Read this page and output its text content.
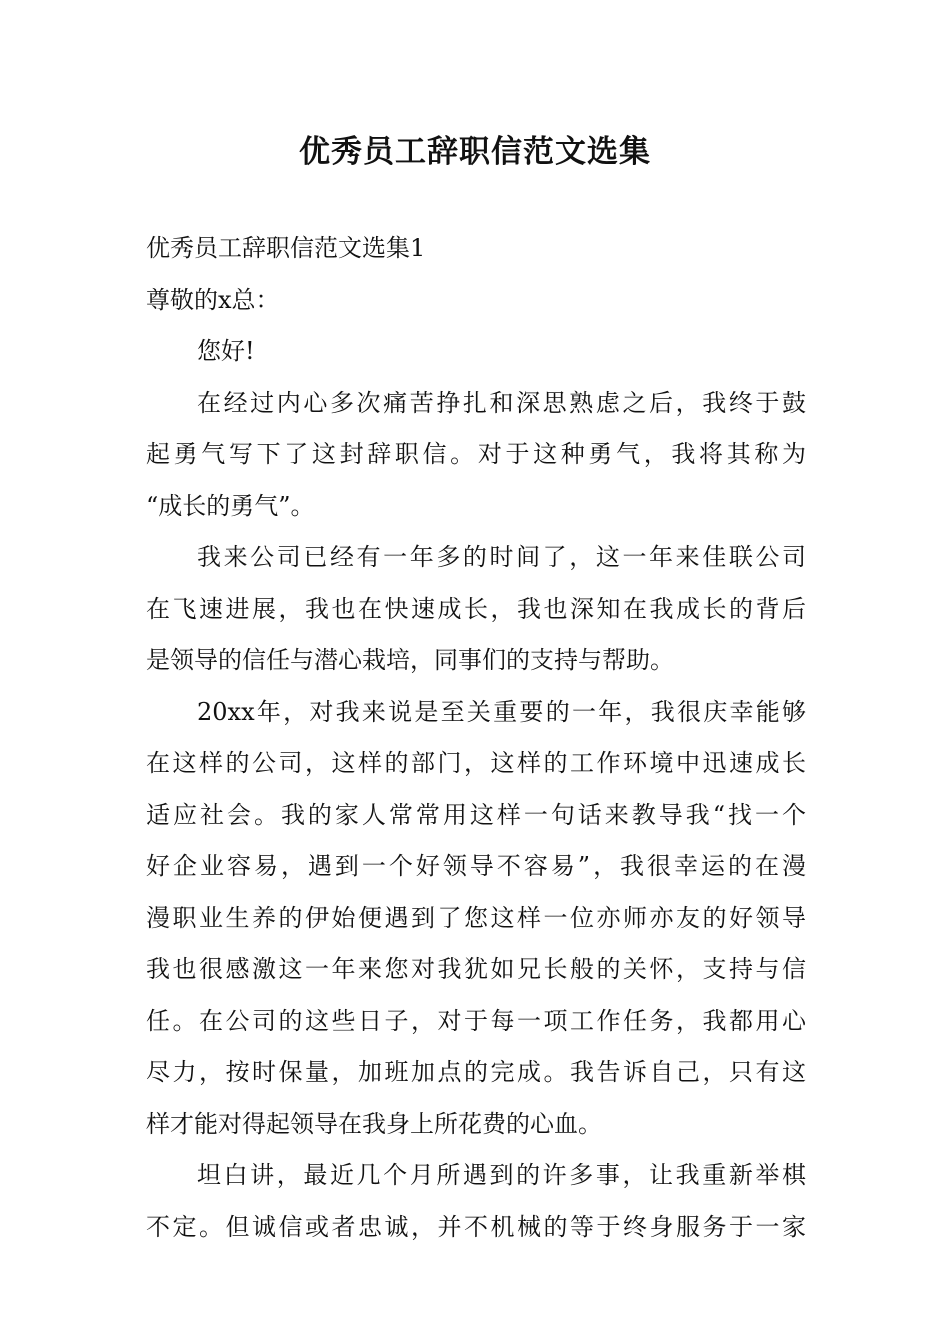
优秀员工辞职信范文选集
优秀员工辞职信范文选集1
尊敬的x总：
您好!
在经过内心多次痛苦挣扎和深思熟虑之后，我终于鼓
起勇气写下了这封辞职信。对于这种勇气，我将其称为
“成长的勇气”。
我来公司已经有一年多的时间了，这一年来佳联公司
在飞速进展，我也在快速成长，我也深知在我成长的背后
是领导的信任与潜心栽培，同事们的支持与帮助。
20xx年，对我来说是至关重要的一年，我很庆幸能够
在这样的公司，这样的部门，这样的工作环境中迅速成长
适应社会。我的家人常常用这样一句话来教导我“找一个
好企业容易，遇到一个好领导不容易”，我很幸运的在漫
漫职业生养的伊始便遇到了您这样一位亦师亦友的好领导
我也很感激这一年来您对我犹如兄长般的关怀，支持与信
任。在公司的这些日子，对于每一项工作任务，我都用心
尽力，按时保量，加班加点的完成。我告诉自己，只有这
样才能对得起领导在我身上所花费的心血。
坦白讲，最近几个月所遇到的许多事，让我重新举棋
不定。但诚信或者忠诚，并不机械的等于终身服务于一家
